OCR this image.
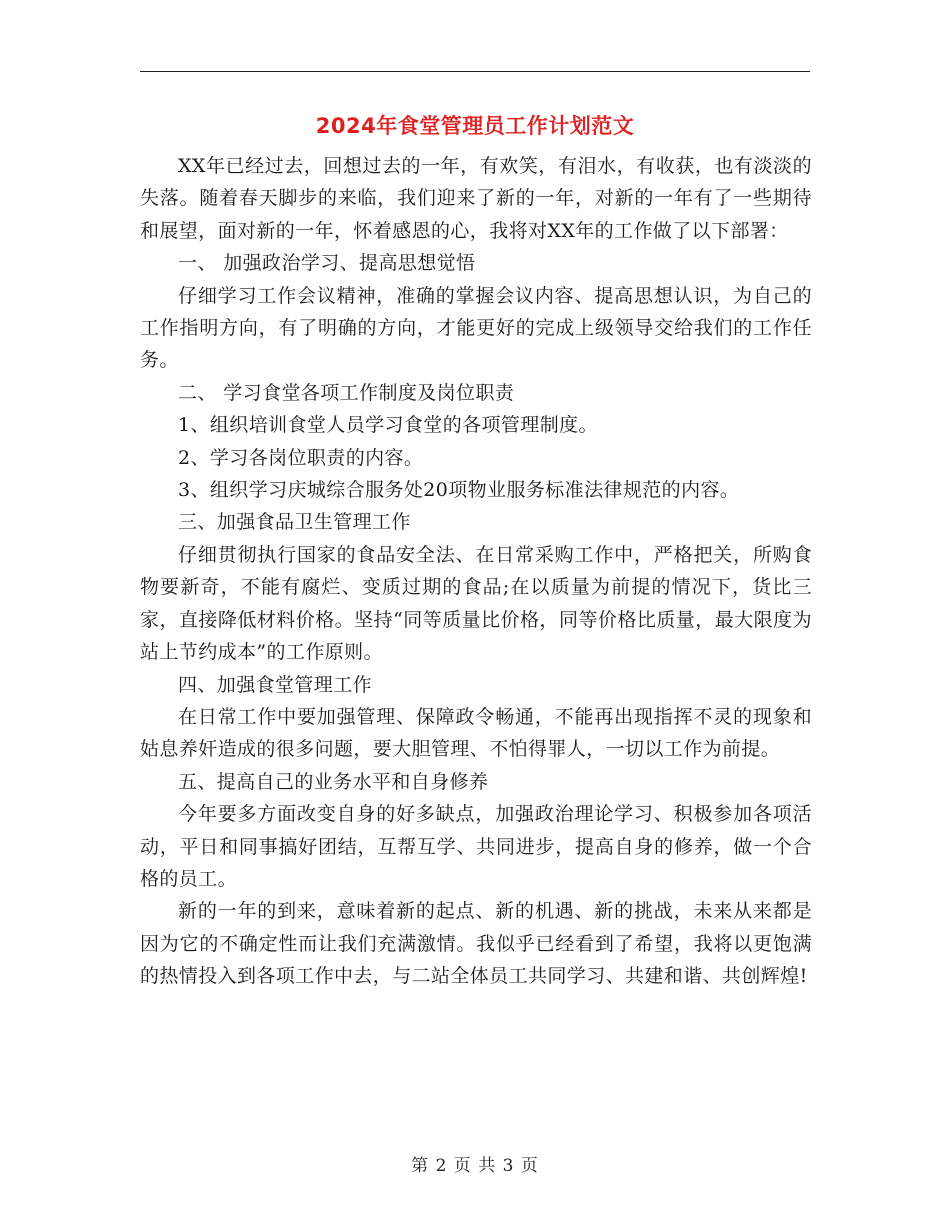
2024年食堂管理员工作计划范文

XX年已经过去，回想过去的一年，有欢笑，有泪水，有收获，也有淡淡的失落。随着春天脚步的来临，我们迎来了新的一年，对新的一年有了一些期待和展望，面对新的一年，怀着感恩的心，我将对XX年的工作做了以下部署：

一、 加强政治学习、提高思想觉悟

仔细学习工作会议精神，准确的掌握会议内容、提高思想认识，为自己的工作指明方向，有了明确的方向，才能更好的完成上级领导交给我们的工作任务。

二、 学习食堂各项工作制度及岗位职责

1、组织培训食堂人员学习食堂的各项管理制度。

2、学习各岗位职责的内容。

3、组织学习庆城综合服务处20项物业服务标准法律规范的内容。

三、加强食品卫生管理工作

仔细贯彻执行国家的食品安全法、在日常采购工作中，严格把关，所购食物要新奇，不能有腐烂、变质过期的食品;在以质量为前提的情况下，货比三家，直接降低材料价格。坚持“同等质量比价格，同等价格比质量，最大限度为站上节约成本”的工作原则。

四、加强食堂管理工作

在日常工作中要加强管理、保障政令畅通，不能再出现指挥不灵的现象和姑息养奸造成的很多问题，要大胆管理、不怕得罪人，一切以工作为前提。

五、提高自己的业务水平和自身修养

今年要多方面改变自身的好多缺点，加强政治理论学习、积极参加各项活动，平日和同事搞好团结，互帮互学、共同进步，提高自身的修养，做一个合格的员工。

新的一年的到来，意味着新的起点、新的机遇、新的挑战，未来从来都是因为它的不确定性而让我们充满激情。我似乎已经看到了希望，我将以更饱满的热情投入到各项工作中去，与二站全体员工共同学习、共建和谐、共创辉煌!

第 2 页 共 3 页
